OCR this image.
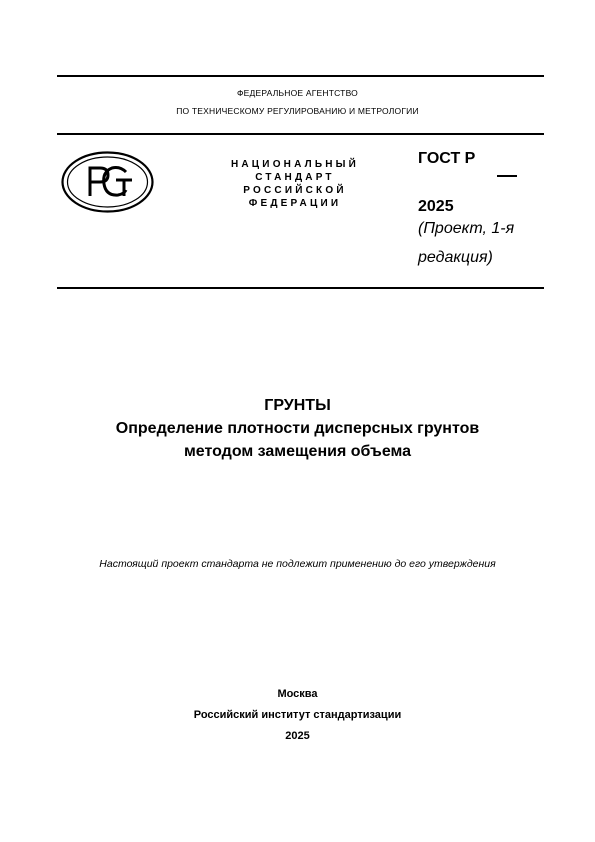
ФЕДЕРАЛЬНОЕ АГЕНТСТВО
ПО ТЕХНИЧЕСКОМУ РЕГУЛИРОВАНИЮ И МЕТРОЛОГИИ
НАЦИОНАЛЬНЫЙ
СТАНДАРТ
РОССИЙСКОЙ
ФЕДЕРАЦИИ
ГОСТ Р
2025
(Проект, 1-я редакция)
ГРУНТЫ
Определение плотности дисперсных грунтов
методом замещения объема
Настоящий проект стандарта не подлежит применению до его утверждения
Москва
Российский институт стандартизации
2025
